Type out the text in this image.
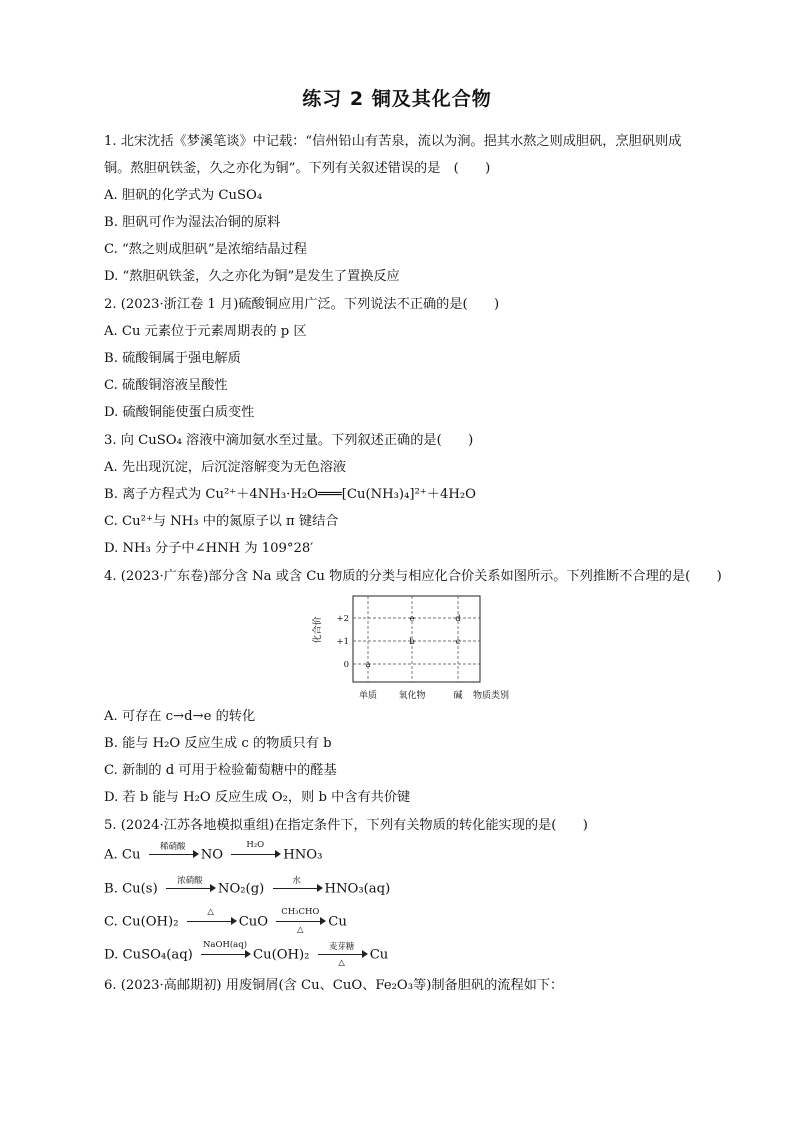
练习 2 铜及其化合物
1. 北宋沈括《梦溪笔谈》中记载：“信州铅山有苦泉，流以为涧。挹其水熬之则成胆矾，烹胆矾则成
铜。熬胆矾铁釜，久之亦化为铜”。下列有关叙述错误的是　(　　)
A. 胆矾的化学式为 CuSO₄
B. 胆矾可作为湿法冶铜的原料
C. “熬之则成胆矾”是浓缩结晶过程
D. “熬胆矾铁釜，久之亦化为铜”是发生了置换反应
2. (2023·浙江卷 1 月)硫酸铜应用广泛。下列说法不正确的是(　　)
A. Cu 元素位于元素周期表的 p 区
B. 硫酸铜属于强电解质
C. 硫酸铜溶液呈酸性
D. 硫酸铜能使蛋白质变性
3. 向 CuSO₄ 溶液中滴加氨水至过量。下列叙述正确的是(　　)
A. 先出现沉淀，后沉淀溶解变为无色溶液
B. 离子方程式为 Cu²⁺＋4NH₃·H₂O═══[Cu(NH₃)₄]²⁺＋4H₂O
C. Cu²⁺与 NH₃ 中的氮原子以 π 键结合
D. NH₃ 分子中∠HNH 为 109°28′
4. (2023·广东卷)部分含 Na 或含 Cu 物质的分类与相应化合价关系如图所示。下列推断不合理的是(　　)
+2
+1
0
化合价
单质 氧化物	碱 物质类别
a
b	c
e	d
A. 可存在 c→d→e 的转化
B. 能与 H₂O 反应生成 c 的物质只有 b
C. 新制的 d 可用于检验葡萄糖中的醛基
D. 若 b 能与 H₂O 反应生成 O₂，则 b 中含有共价键
5. (2024·江苏各地模拟重组)在指定条件下，下列有关物质的转化能实现的是(　　)
A. Cu
稀硝酸
NO
H₂O
HNO₃
B. Cu(s)
浓硝酸
NO₂(g)
水
HNO₃(aq)
C. Cu(OH)₂
△
CuO
CH₃CHO
△
Cu
D. CuSO₄(aq)
NaOH(aq)
Cu(OH)₂
麦芽糖
△
Cu
6. (2023·高邮期初) 用废铜屑(含 Cu、CuO、Fe₂O₃等)制备胆矾的流程如下：
